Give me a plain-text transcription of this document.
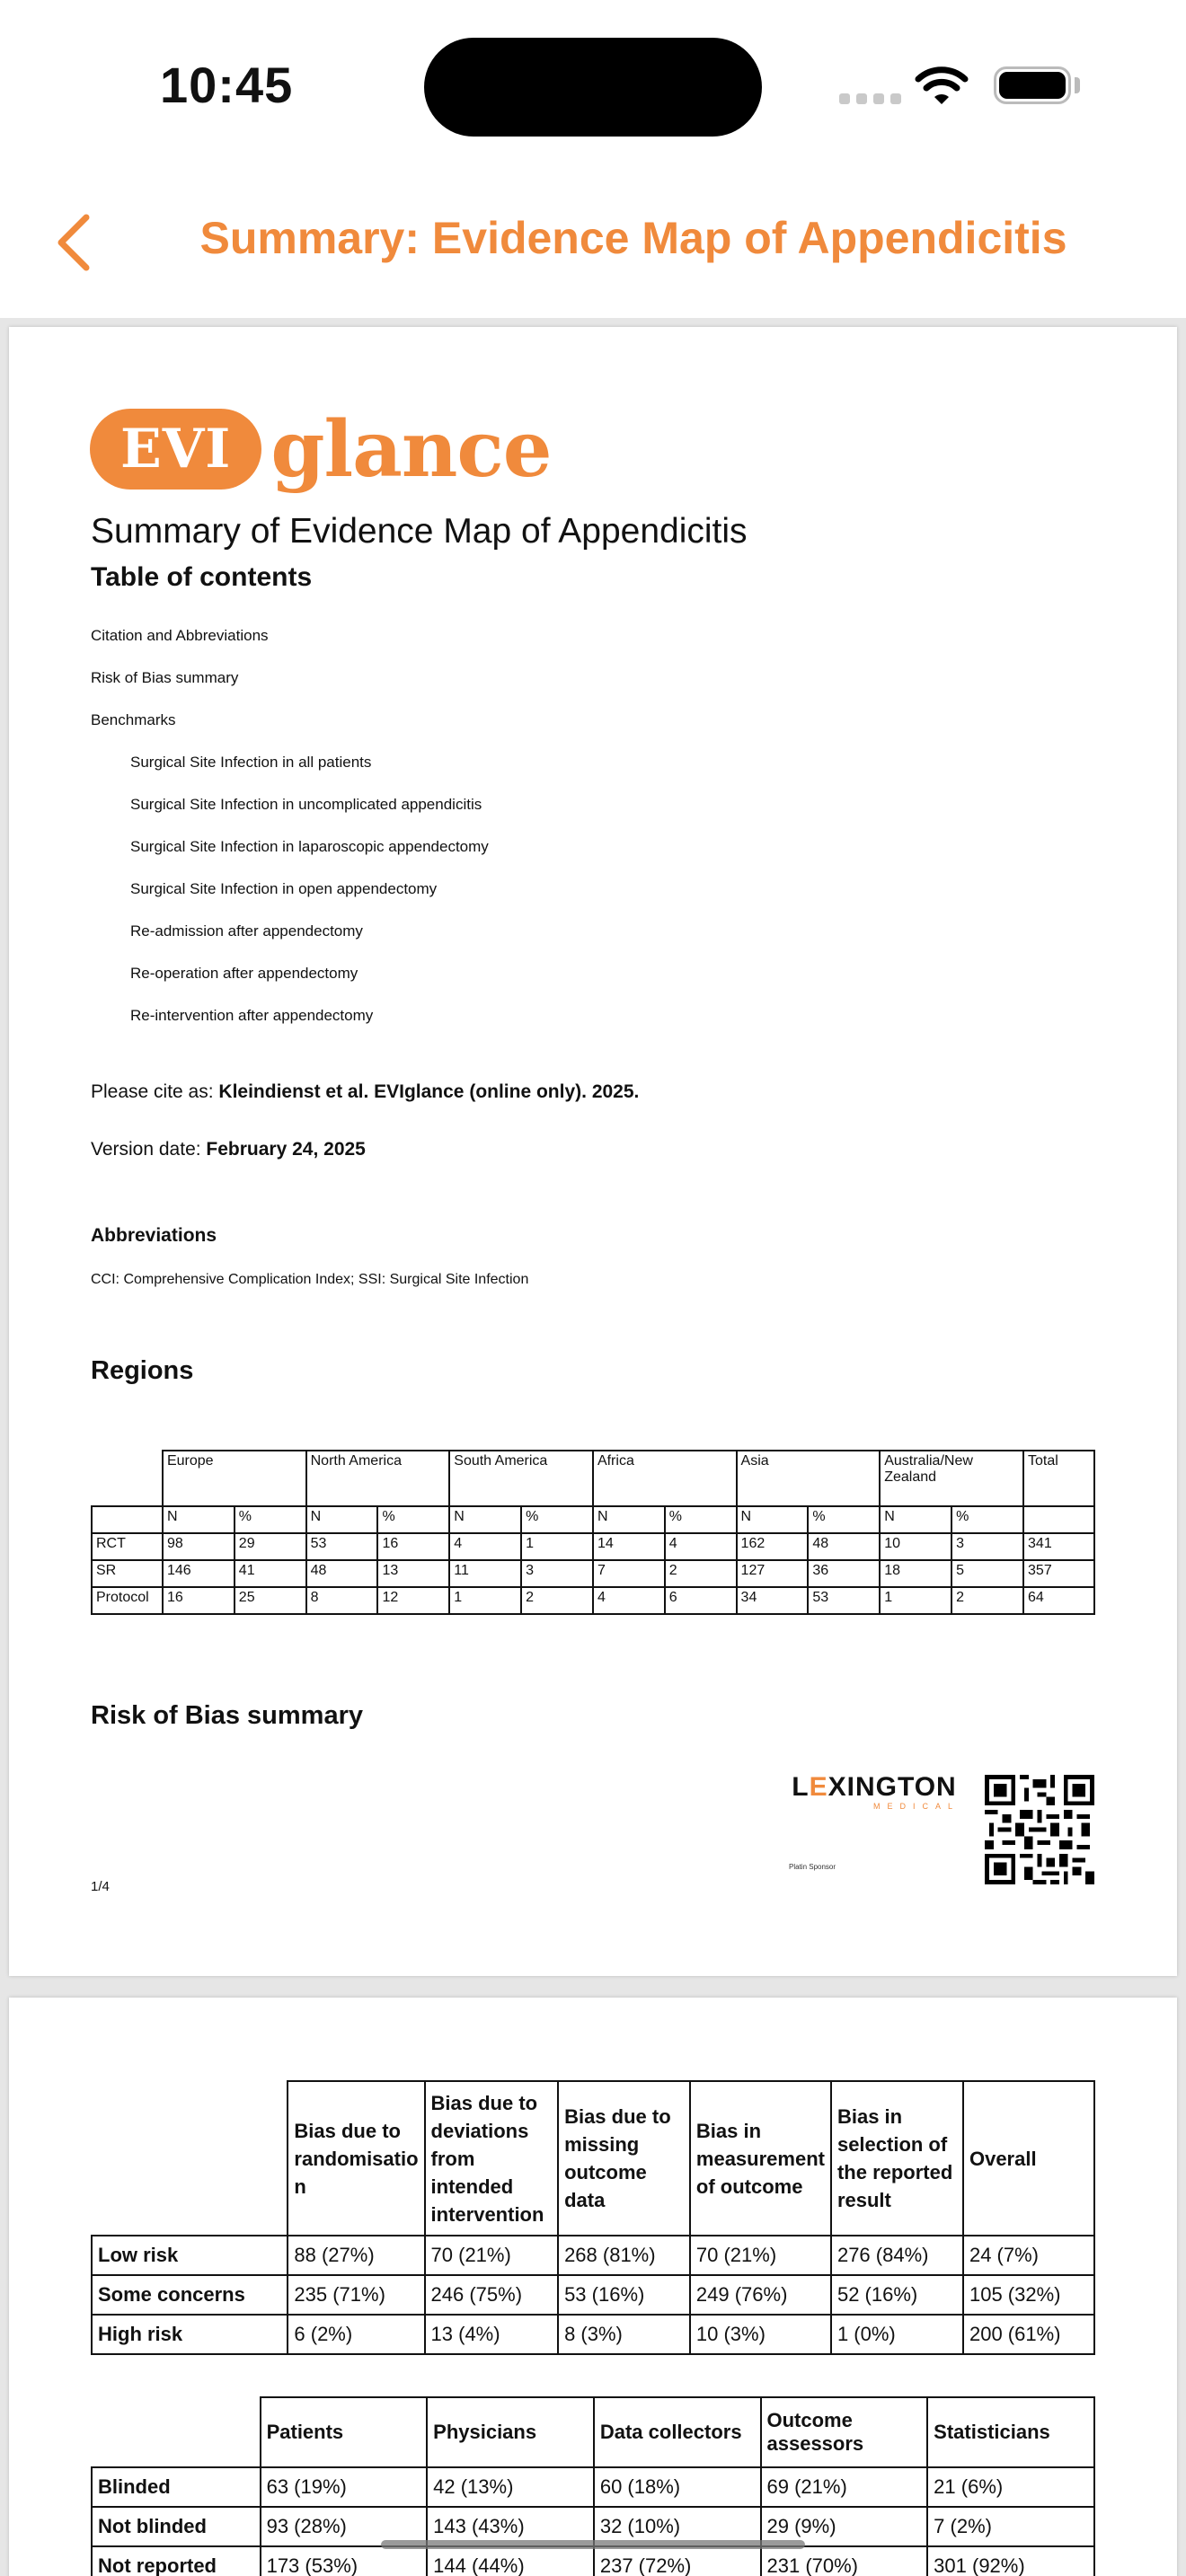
10:45
Summary: Evidence Map of Appendicitis
EVI glance
Summary of Evidence Map of Appendicitis
Table of contents
Citation and Abbreviations
Risk of Bias summary
Benchmarks
Surgical Site Infection in all patients
Surgical Site Infection in uncomplicated appendicitis
Surgical Site Infection in laparoscopic appendectomy
Surgical Site Infection in open appendectomy
Re-admission after appendectomy
Re-operation after appendectomy
Re-intervention after appendectomy
Please cite as: Kleindienst et al. EVIglance (online only). 2025.
Version date: February 24, 2025
Abbreviations
CCI: Comprehensive Complication Index; SSI: Surgical Site Infection
Regions
	Europe		North America		South America		Africa		Asia		Australia/New Zealand		Total
	N	%	N	%	N	%	N	%	N	%	N	%	
RCT	98	29	53	16	4	1	14	4	162	48	10	3	341
SR	146	41	48	13	11	3	7	2	127	36	18	5	357
Protocol	16	25	8	12	1	2	4	6	34	53	1	2	64
Risk of Bias summary
LEXINGTON
MEDICAL
Platin Sponsor
1/4
	Bias due to randomisatio n	Bias due to deviations from intended intervention	Bias due to missing outcome data	Bias in measurement of outcome	Bias in selection of the reported result	Overall
Low risk	88 (27%)	70 (21%)	268 (81%)	70 (21%)	276 (84%)	24 (7%)
Some concerns	235 (71%)	246 (75%)	53 (16%)	249 (76%)	52 (16%)	105 (32%)
High risk	6 (2%)	13 (4%)	8 (3%)	10 (3%)	1 (0%)	200 (61%)
	Patients	Physicians	Data collectors	Outcome assessors	Statisticians
Blinded	63 (19%)	42 (13%)	60 (18%)	69 (21%)	21 (6%)
Not blinded	93 (28%)	143 (43%)	32 (10%)	29 (9%)	7 (2%)
Not reported	173 (53%)	144 (44%)	237 (72%)	231 (70%)	301 (92%)
